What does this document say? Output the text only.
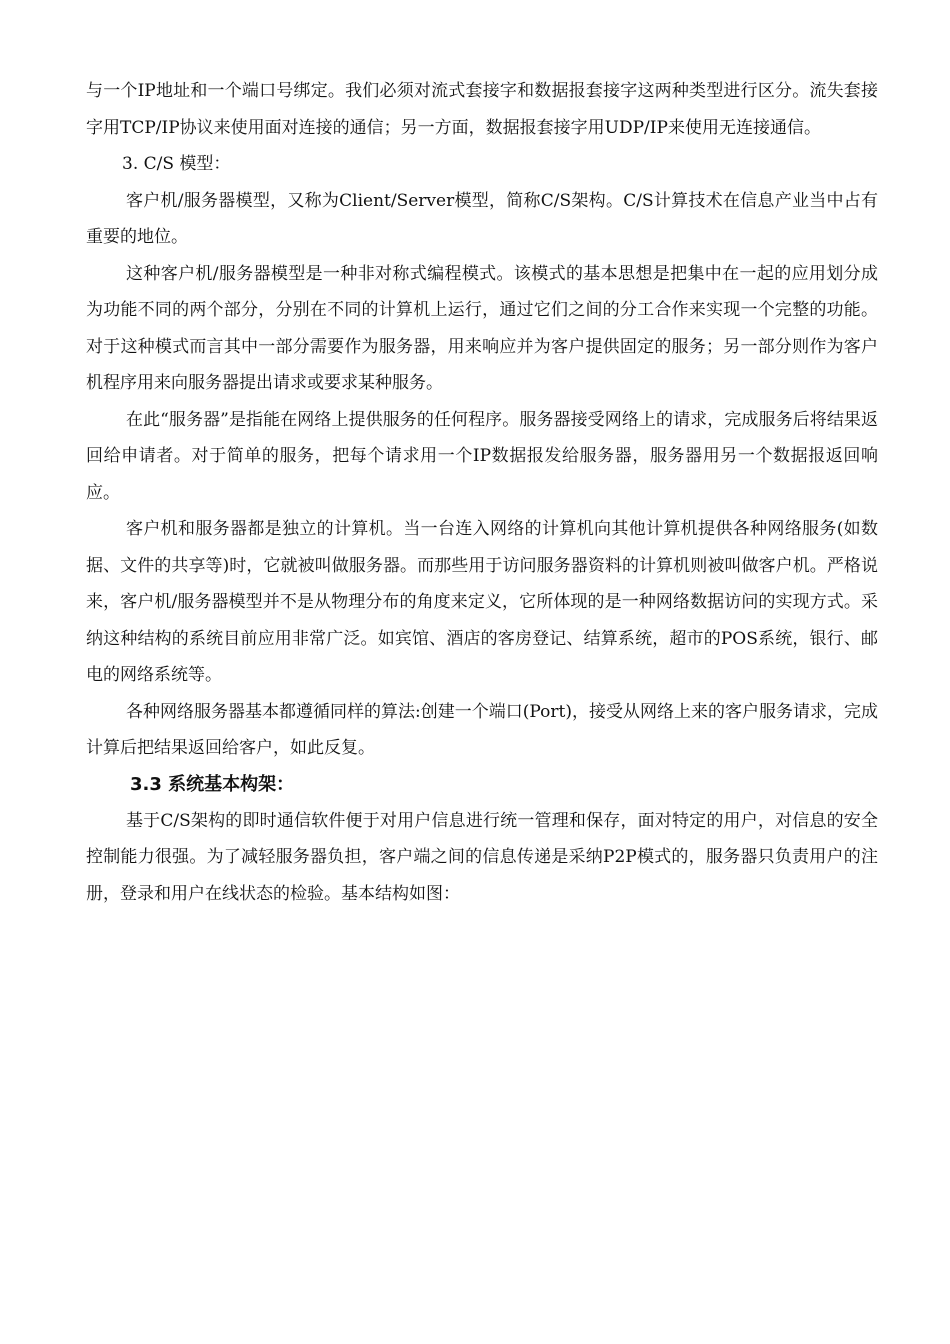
与一个IP地址和一个端口号绑定。我们必须对流式套接字和数据报套接字这两种类型进行区分。流失套接字用TCP/IP协议来使用面对连接的通信；另一方面，数据报套接字用UDP/IP来使用无连接通信。

3. C/S 模型：

客户机/服务器模型，又称为Client/Server模型，简称C/S架构。C/S计算技术在信息产业当中占有重要的地位。

这种客户机/服务器模型是一种非对称式编程模式。该模式的基本思想是把集中在一起的应用划分成为功能不同的两个部分，分别在不同的计算机上运行，通过它们之间的分工合作来实现一个完整的功能。对于这种模式而言其中一部分需要作为服务器，用来响应并为客户提供固定的服务；另一部分则作为客户机程序用来向服务器提出请求或要求某种服务。

在此“服务器”是指能在网络上提供服务的任何程序。服务器接受网络上的请求，完成服务后将结果返回给申请者。对于简单的服务，把每个请求用一个IP数据报发给服务器，服务器用另一个数据报返回响应。

客户机和服务器都是独立的计算机。当一台连入网络的计算机向其他计算机提供各种网络服务(如数据、文件的共享等)时，它就被叫做服务器。而那些用于访问服务器资料的计算机则被叫做客户机。严格说来，客户机/服务器模型并不是从物理分布的角度来定义，它所体现的是一种网络数据访问的实现方式。采纳这种结构的系统目前应用非常广泛。如宾馆、酒店的客房登记、结算系统，超市的POS系统，银行、邮电的网络系统等。

各种网络服务器基本都遵循同样的算法:创建一个端口(Port)，接受从网络上来的客户服务请求，完成计算后把结果返回给客户，如此反复。

3.3 系统基本构架：

基于C/S架构的即时通信软件便于对用户信息进行统一管理和保存，面对特定的用户，对信息的安全控制能力很强。为了减轻服务器负担，客户端之间的信息传递是采纳P2P模式的，服务器只负责用户的注册，登录和用户在线状态的检验。基本结构如图：
